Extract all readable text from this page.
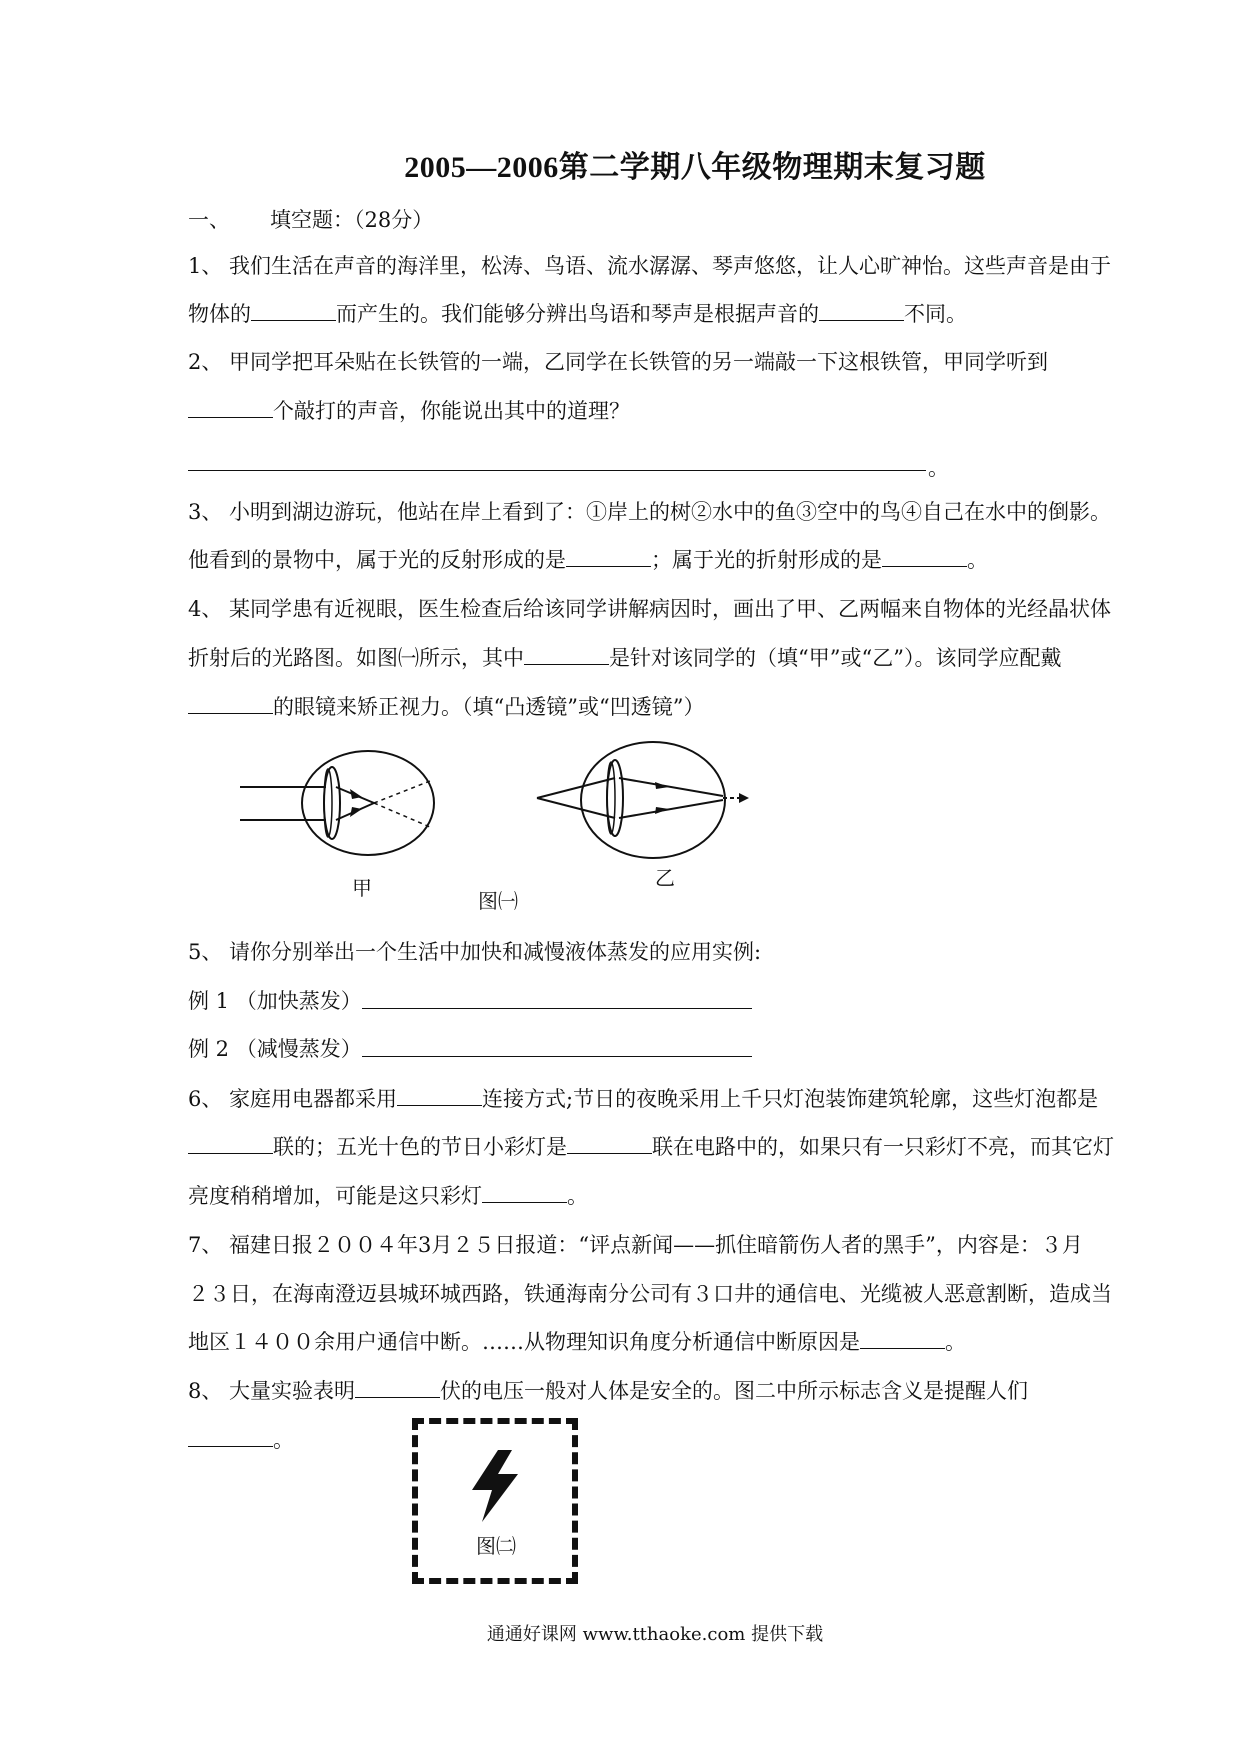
2005—2006第二学期八年级物理期末复习题
一、 填空题：（28分）
1、 我们生活在声音的海洋里，松涛、鸟语、流水潺潺、琴声悠悠，让人心旷神怡。这些声音是由于
物体的	而产生的。我们能够分辨出鸟语和琴声是根据声音的	不同。
2、 甲同学把耳朵贴在长铁管的一端，乙同学在长铁管的另一端敲一下这根铁管，甲同学听到
个敲打的声音，你能说出其中的道理？
。
3、 小明到湖边游玩，他站在岸上看到了：①岸上的树②水中的鱼③空中的鸟④自己在水中的倒影。
他看到的景物中，属于光的反射形成的是	；属于光的折射形成的是	。
4、 某同学患有近视眼，医生检查后给该同学讲解病因时，画出了甲、乙两幅来自物体的光经晶状体
折射后的光路图。如图㈠所示，其中	是针对该同学的（填“甲”或“乙”）。该同学应配戴
的眼镜来矫正视力。（填“凸透镜”或“凹透镜”）
甲	乙
图㈠
5、 请你分别举出一个生活中加快和减慢液体蒸发的应用实例:
例 1 （加快蒸发）
例 2 （减慢蒸发）
6、 家庭用电器都采用	连接方式;节日的夜晚采用上千只灯泡装饰建筑轮廓，这些灯泡都是
联的；五光十色的节日小彩灯是	联在电路中的，如果只有一只彩灯不亮，而其它灯
亮度稍稍增加，可能是这只彩灯	。
7、 福建日报２００４年3月２５日报道：“评点新闻——抓住暗箭伤人者的黑手”，内容是：３月
２３日，在海南澄迈县城环城西路，铁通海南分公司有３口井的通信电、光缆被人恶意割断，造成当
地区１４００余用户通信中断。……从物理知识角度分析通信中断原因是	。
8、 大量实验表明	伏的电压一般对人体是安全的。图二中所示标志含义是提醒人们
。
图㈡
通通好课网 www.tthaoke.com 提供下载
